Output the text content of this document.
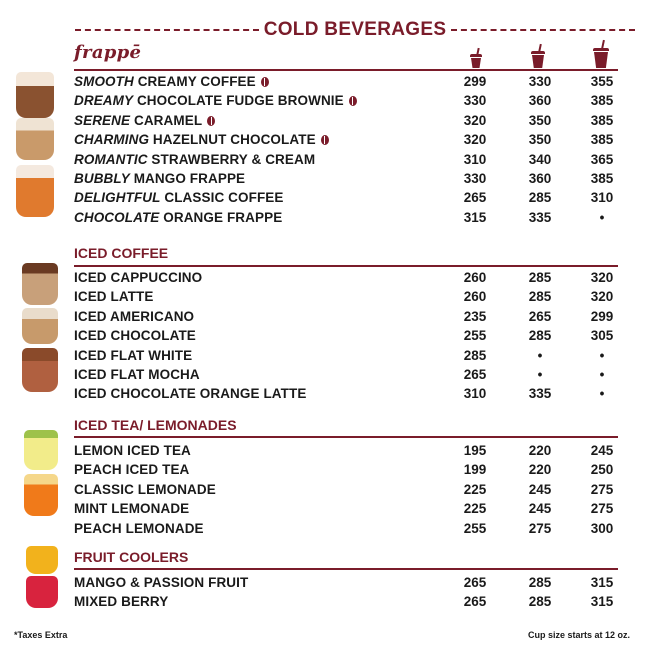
COLD BEVERAGES
frappē
SMOOTH CREAMY COFFEE	299	330	355
DREAMY CHOCOLATE FUDGE BROWNIE	330	360	385
SERENE CARAMEL	320	350	385
CHARMING HAZELNUT CHOCOLATE	320	350	385
ROMANTIC STRAWBERRY & CREAM	310	340	365
BUBBLY MANGO FRAPPE	330	360	385
DELIGHTFUL CLASSIC COFFEE	265	285	310
CHOCOLATE ORANGE FRAPPE	315	335	•
ICED COFFEE
ICED CAPPUCCINO	260	285	320
ICED LATTE	260	285	320
ICED AMERICANO	235	265	299
ICED CHOCOLATE	255	285	305
ICED FLAT WHITE	285	•	•
ICED FLAT MOCHA	265	•	•
ICED CHOCOLATE ORANGE LATTE	310	335	•
ICED TEA/ LEMONADES
LEMON ICED TEA	195	220	245
PEACH ICED TEA	199	220	250
CLASSIC LEMONADE	225	245	275
MINT LEMONADE	225	245	275
PEACH LEMONADE	255	275	300
FRUIT COOLERS
MANGO & PASSION FRUIT	265	285	315
MIXED BERRY	265	285	315
*Taxes Extra	Cup size starts at 12 oz.
